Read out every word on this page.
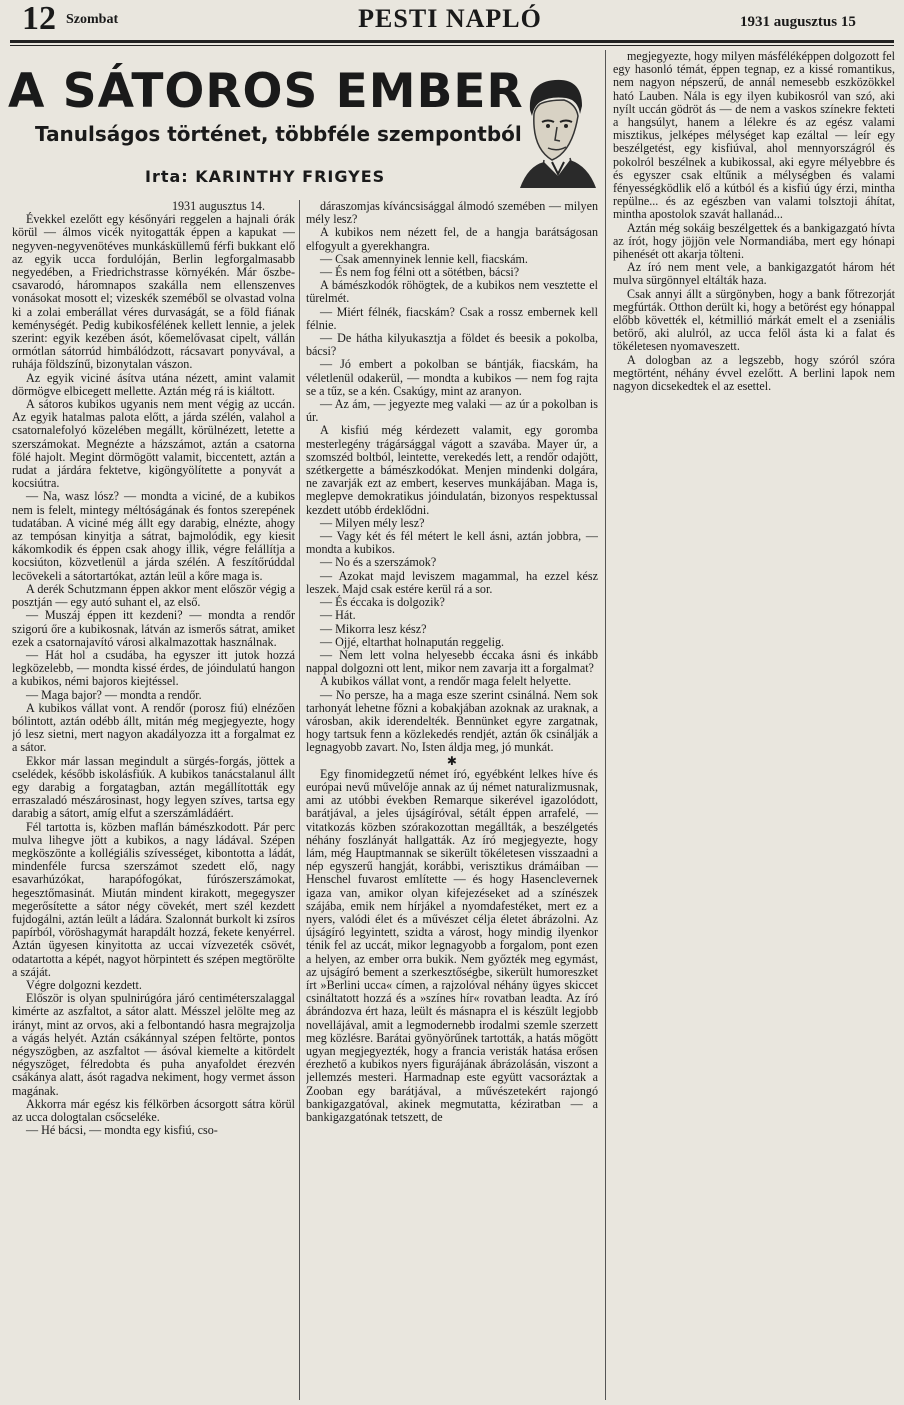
12 Szombat	PESTI NAPLÓ	1931 augusztus 15
A SÁTOROS EMBER
Tanulságos történet, többféle szempontból
Irta: KARINTHY FRIGYES

1931 augusztus 14.

Évekkel ezelőtt egy későnyári reggelen a hajnali órák körül — álmos vicék nyitogatták éppen a kapukat — negyven-negyvenötéves munkásküllemű férfi bukkant elő az egyik ucca fordulóján, Berlin legforgalmasabb negyedében, a Friedrichstrasse környékén. Már őszbe-csavarodó, háromnapos szakálla nem ellenszenves vonásokat mosott el; vizeskék szeméből se olvastad volna ki a zolai emberállat véres durvaságát, se a föld fiának keménységét. Pedig kubikosfélének kellett lennie, a jelek szerint: egyik kezében ásót, kőemelővasat cipelt, vállán ormótlan sátorrúd himbálódzott, rácsavart ponyvával, a ruhája földszínű, bizonytalan vászon.

Az egyik viciné ásítva utána nézett, amint valamit dörmögve elbicegett mellette. Aztán még rá is kiáltott.

A sátoros kubikos ugyanis nem ment végig az uccán. Az egyik hatalmas palota előtt, a járda szélén, valahol a csatornalefolyó közelében megállt, körülnézett, letette a szerszámokat. Megnézte a házszámot, aztán a csatorna fölé hajolt. Megint dörmögött valamit, biccentett, aztán a rudat a járdára fektetve, kigöngyölítette a ponyvát a kocsiútra.

— Na, wasz lósz? — mondta a viciné, de a kubikos nem is felelt, mintegy méltóságának és fontos szerepének tudatában. A viciné még állt egy darabig, elnézte, ahogy az tempósan kinyitja a sátrat, bajmolódik, egy kiesit kákomkodik és éppen csak ahogy illik, végre felállítja a kocsiúton, közvetlenül a járda szélén. A feszítőrúddal lecövekeli a sátortartókat, aztán leül a kőre maga is.

A derék Schutzmann éppen akkor ment először végig a posztján — egy autó suhant el, az első.

— Muszáj éppen itt kezdeni? — mondta a rendőr szigorú őre a kubikosnak, látván az ismerős sátrat, amiket ezek a csatornajavító városi alkalmazottak használnak.

— Hát hol a csudába, ha egyszer itt jutok hozzá legközelebb, — mondta kissé érdes, de jóindulatú hangon a kubikos, némi bajoros kiejtéssel.

— Maga bajor? — mondta a rendőr.

A kubikos vállat vont. A rendőr (porosz fiú) elnézően bólintott, aztán odébb állt, mitán még megjegyezte, hogy jó lesz sietni, mert nagyon akadályozza itt a forgalmat ez a sátor.

Ekkor már lassan megindult a sürgés-forgás, jöttek a cselédek, később iskolásfiúk. A kubikos tanácstalanul állt egy darabig a forgatagban, aztán megállították egy erraszaladó mészárosinast, hogy legyen szíves, tartsa egy darabig a sátort, amíg elfut a szerszámládáért.

Fél tartotta is, közben maflán bámészkodott. Pár perc mulva lihegve jött a kubikos, a nagy ládával. Szépen megköszönte a kollégiális szívességet, kibontotta a ládát, mindenféle furcsa szerszámot szedett elő, nagy esavarhúzókat, harapófogókat, fúrószerszámokat, hegesztőmasinát. Miután mindent kirakott, megegyszer megerősítette a sátor négy cövekét, mert szél kezdett fujdogálni, aztán leült a ládára. Szalonnát burkolt ki zsíros papírból, vöröshagymát harapdált hozzá, fekete kenyérrel. Aztán ügyesen kinyitotta az uccai vízvezeték csövét, odatartotta a képét, nagyot hörpintett és szépen megtörölte a száját.

Végre dolgozni kezdett.

Először is olyan spulnirúgóra járó centiméterszalaggal kimérte az aszfaltot, a sátor alatt. Mésszel jelölte meg az irányt, mint az orvos, aki a felbontandó hasra megrajzolja a vágás helyét. Aztán csákánnyal szépen feltörte, pontos négyszögben, az aszfaltot — ásóval kiemelte a kitördelt négyszöget, félredobta és puha anyafoldet érezvén csákánya alatt, ásót ragadva nekiment, hogy vermet ásson magának.

Akkorra már egész kis félkörben ácsorgott sátra körül az ucca dologtalan csőcseléke.

— Hé bácsi, — mondta egy kisfiú, cso-

dáraszomjas kíváncsisággal álmodó szemében — milyen mély lesz?

A kubikos nem nézett fel, de a hangja barátságosan elfogyult a gyerekhangra.

— Csak amennyinek lennie kell, fiacskám.

— És nem fog félni ott a sötétben, bácsi?

A bámészkodók röhögtek, de a kubikos nem vesztette el türelmét.

— Miért félnék, fiacskám? Csak a rossz embernek kell félnie.

— De hátha kilyukasztja a földet és beesik a pokolba, bácsi?

— Jó embert a pokolban se bántják, fiacskám, ha véletlenül odakerül, — mondta a kubikos — nem fog rajta se a tűz, se a kén. Csakúgy, mint az aranyon.

— Az ám, — jegyezte meg valaki — az úr a pokolban is úr.

A kisfiú még kérdezett valamit, egy goromba mesterlegény trágársággal vágott a szavába. Mayer úr, a szomszéd boltból, leintette, verekedés lett, a rendőr odajött, szétkergette a bámészkodókat. Menjen mindenki dolgára, ne zavarják ezt az embert, keserves munkájában. Maga is, meglepve demokratikus jóindulatán, bizonyos respektussal kezdett utóbb érdeklődni.

— Milyen mély lesz?

— Vagy két és fél métert le kell ásni, aztán jobbra, — mondta a kubikos.

— No és a szerszámok?

— Azokat majd leviszem magammal, ha ezzel kész leszek. Majd csak estére kerül rá a sor.

— És éccaka is dolgozik?

— Hát.

— Mikorra lesz kész?

— Ojjé, eltarthat holnapután reggelig.

— Nem lett volna helyesebb éccaka ásni és inkább nappal dolgozni ott lent, mikor nem zavarja itt a forgalmat?

A kubikos vállat vont, a rendőr maga felelt helyette.

— No persze, ha a maga esze szerint csinálná. Nem sok tarhonyát lehetne főzni a kobakjában azoknak az uraknak, a városban, akik iderendelték. Bennünket egyre zargatnak, hogy tartsuk fenn a közlekedés rendjét, aztán ők csinálják a legnagyobb zavart. No, Isten áldja meg, jó munkát.

✱

Egy finomidegzetű német író, egyébként lelkes híve és európai nevű művelője annak az új német naturalizmusnak, ami az utóbbi években Remarque sikerével igazolódott, barátjával, a jeles újságíróval, sétált éppen arrafelé, — vitatkozás közben szórakozottan megállták, a beszélgetés néhány foszlányát hallgatták. Az író megjegyezte, hogy lám, még Hauptmannak se sikerült tökéletesen visszaadni a nép egyszerű hangját, korábbi, verisztikus drámáiban — Henschel fuvarost említette — és hogy Hasenclevernek igaza van, amikor olyan kifejezéseket ad a színészek szájába, emik nem hírjákel a nyomdafestéket, mert ez a nyers, valódi élet és a művészet célja életet ábrázolni. Az újságíró legyintett, szidta a várost, hogy mindig ilyenkor ténik fel az uccát, mikor legnagyobb a forgalom, pont ezen a helyen, az ember orra bukik. Nem győzték meg egymást, az ujságíró bement a szerkesztőségbe, sikerült humoreszket írt »Berlini ucca« címen, a rajzolóval néhány ügyes skiccet csináltatott hozzá és a »színes hír« rovatban leadta. Az író ábrándozva ért haza, leült és másnapra el is készült legjobb novellájával, amit a legmodernebb irodalmi szemle szerzett meg közlésre. Barátai gyönyörűnek tartották, a hatás mögött ugyan megjegyezték, hogy a francia veristák hatása erősen érezhető a kubikos nyers figurájának ábrázolásán, viszont a jellemzés mesteri. Harmadnap este együtt vacsoráztak a Zooban egy barátjával, a művészetekért rajongó bankigazgatóval, akinek megmutatta, kéziratban — a bankigazgatónak tetszett, de

megjegyezte, hogy milyen másféléképpen dolgozott fel egy hasonló témát, éppen tegnap, ez a kissé romantikus, nem nagyon népszerű, de annál nemesebb eszközökkel ható Lauben. Nála is egy ilyen kubikosról van szó, aki nyílt uccán gödröt ás — de nem a vaskos színekre fekteti a hangsúlyt, hanem a lélekre és az egész valami misztikus, jelképes mélységet kap ezáltal — leír egy beszélgetést, egy kisfiúval, ahol mennyországról és pokolról beszélnek a kubikossal, aki egyre mélyebbre és és egyszer csak eltűnik a mélységben és valami fényességködlik elő a kútból és a kisfiú úgy érzi, mintha repülne... és az egészben van valami tolsztoji áhítat, mintha apostolok szavát hallanád...

Aztán még sokáig beszélgettek és a bankigazgató hívta az írót, hogy jöjjön vele Normandiába, mert egy hónapi pihenését ott akarja tölteni.

Az író nem ment vele, a bankigazgatót három hét mulva sürgönnyel eltálták haza.

Csak annyi állt a sürgönyben, hogy a bank főtrezorját megfúrták. Otthon derült ki, hogy a betörést egy hónappal előbb követték el, kétmillió márkát emelt el a zseniális betörő, aki alulról, az ucca felől ásta ki a falat és tökéletesen nyomaveszett.

A dologban az a legszebb, hogy szóról szóra megtörtént, néhány évvel ezelőtt. A berlini lapok nem nagyon dicsekedtek el az esettel.
